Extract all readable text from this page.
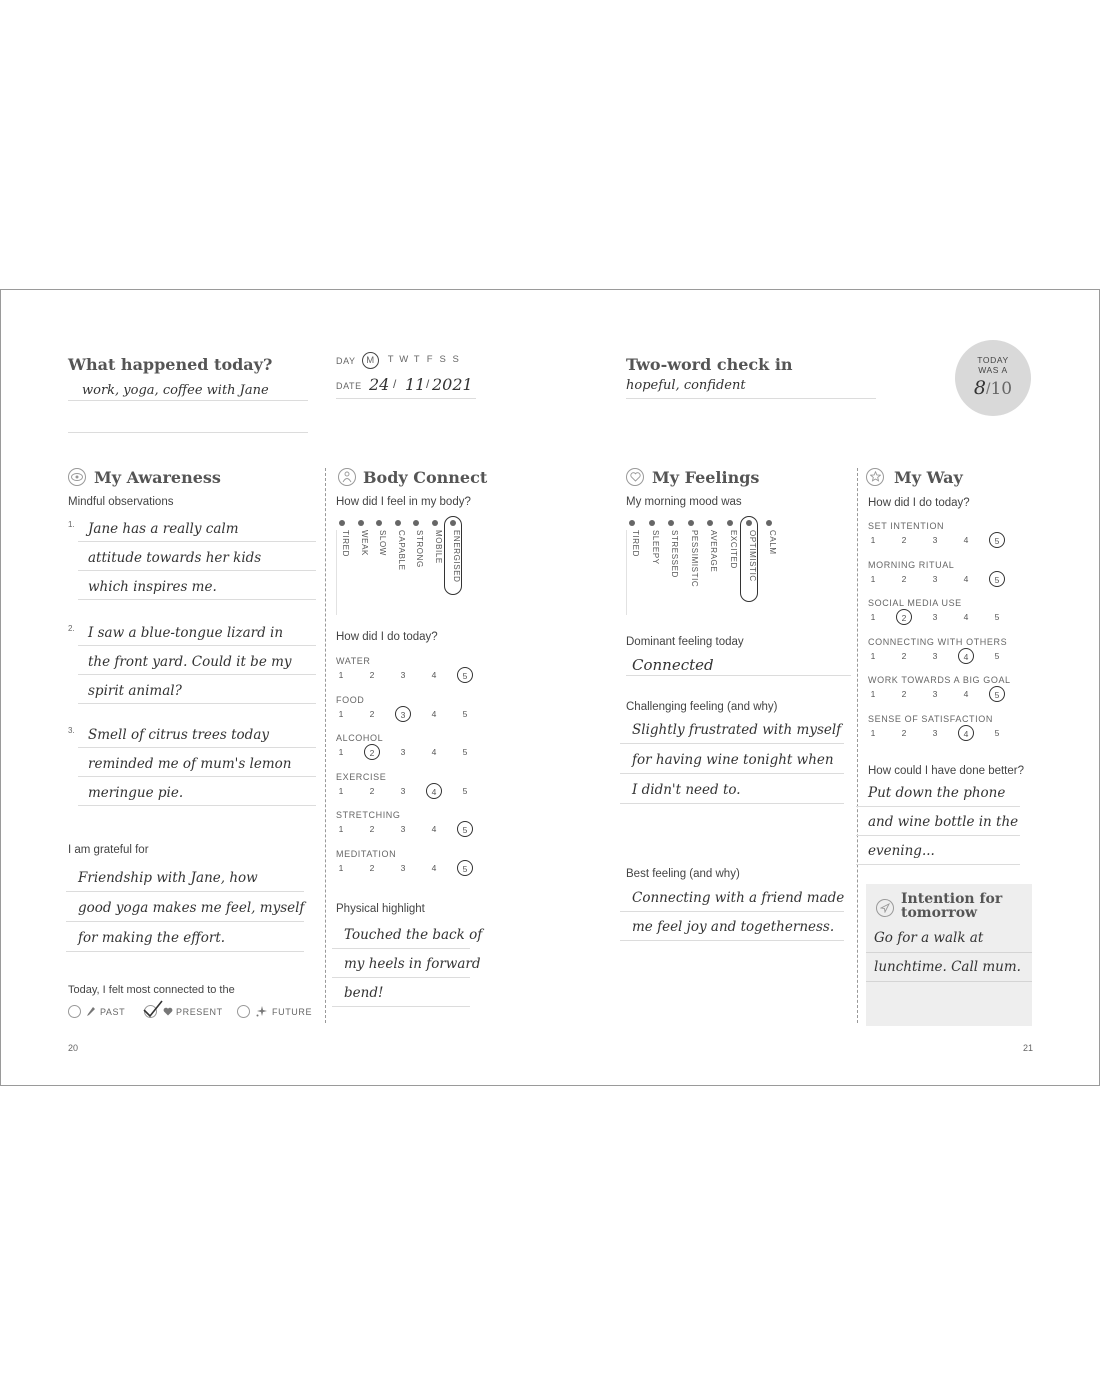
What happened today?
work, yoga, coffee with Jane
DAY	M	T W T F S S
DATE 24 / 11 / 2021
My Awareness
Mindful observations
1. Jane has a really calm
attitude towards her kids
which inspires me.
2. I saw a blue-tongue lizard in
the front yard. Could it be my
spirit animal?
3. Smell of citrus trees today
reminded me of mum's lemon
meringue pie.
I am grateful for
Friendship with Jane, how
good yoga makes me feel, myself
for making the effort.
Today, I felt most connected to the
PAST	PRESENT	FUTURE
Body Connect
How did I feel in my body?
TIRED WEAK SLOW CAPABLE STRONG MOBILE ENERGISED
How did I do today?
WATER
1	2	3	4	5
FOOD
1	2	3	4	5
ALCOHOL
1	2	3	4	5
EXERCISE
1	2	3	4	5
STRETCHING
1	2	3	4	5
MEDITATION
1	2	3	4	5
Physical highlight
Touched the back of
my heels in forward
bend!
20
Two-word check in
hopeful, confident
TODAY
WAS A
8/10
My Feelings
My morning mood was
TIRED SLEEPY STRESSED PESSIMISTIC AVERAGE EXCITED OPTIMISTIC CALM
Dominant feeling today
Connected
Challenging feeling (and why)
Slightly frustrated with myself
for having wine tonight when
I didn't need to.
Best feeling (and why)
Connecting with a friend made
me feel joy and togetherness.
My Way
How did I do today?
SET INTENTION
1	2	3	4	5
MORNING RITUAL
1	2	3	4	5
SOCIAL MEDIA USE
1	2	3	4	5
CONNECTING WITH OTHERS
1	2	3	4	5
WORK TOWARDS A BIG GOAL
1	2	3	4	5
SENSE OF SATISFACTION
1	2	3	4	5
How could I have done better?
Put down the phone
and wine bottle in the
evening...
Intention for tomorrow
Go for a walk at
lunchtime. Call mum.
21
